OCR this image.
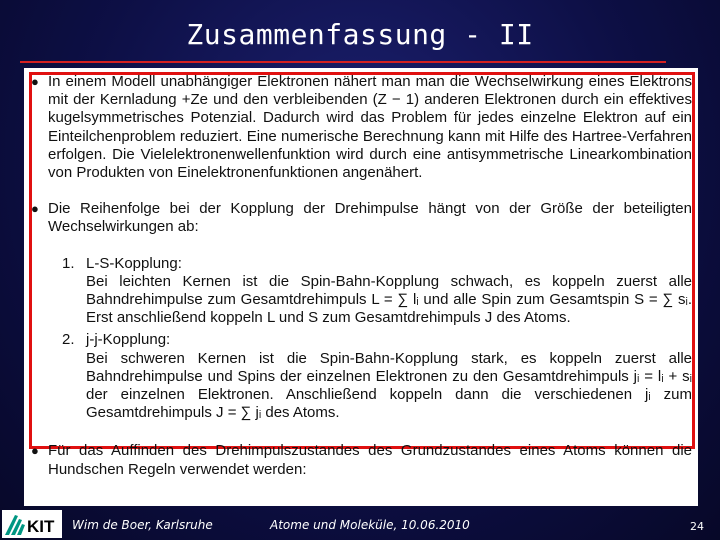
Zusammenfassung - II
● In einem Modell unabhängiger Elektronen nähert man man die Wechselwirkung eines Elektrons mit der Kernladung +Ze und den verbleibenden (Z − 1) anderen Elektronen durch ein effektives kugelsymmetrisches Potenzial. Dadurch wird das Problem für jedes einzelne Elektron auf ein Einteilchenproblem reduziert. Eine numerische Berechnung kann mit Hilfe des Hartree-Verfahren erfolgen. Die Vielelektronenwellenfunktion wird durch eine antisymmetrische Linearkombination von Produkten von Einelektronenfunktionen angenähert.
● Die Reihenfolge bei der Kopplung der Drehimpulse hängt von der Größe der beteiligten Wechselwirkungen ab:
1. L-S-Kopplung:
Bei leichten Kernen ist die Spin-Bahn-Kopplung schwach, es koppeln zuerst alle Bahndrehimpulse zum Gesamtdrehimpuls L = ∑ lᵢ und alle Spin zum Gesamtspin S = ∑ sᵢ. Erst anschließend koppeln L und S zum Gesamtdrehimpuls J des Atoms.
2. j-j-Kopplung:
Bei schweren Kernen ist die Spin-Bahn-Kopplung stark, es koppeln zuerst alle Bahndrehimpulse und Spins der einzelnen Elektronen zu den Gesamtdrehimpuls jᵢ = lᵢ + sᵢ der einzelnen Elektronen. Anschließend koppeln dann die verschiedenen jᵢ zum Gesamtdrehimpuls J = ∑ jᵢ des Atoms.
● Für das Auffinden des Drehimpulszustandes des Grundzustandes eines Atoms können die Hundschen Regeln verwendet werden:
KIT Wim de Boer, Karlsruhe	Atome und Moleküle, 10.06.2010	24
